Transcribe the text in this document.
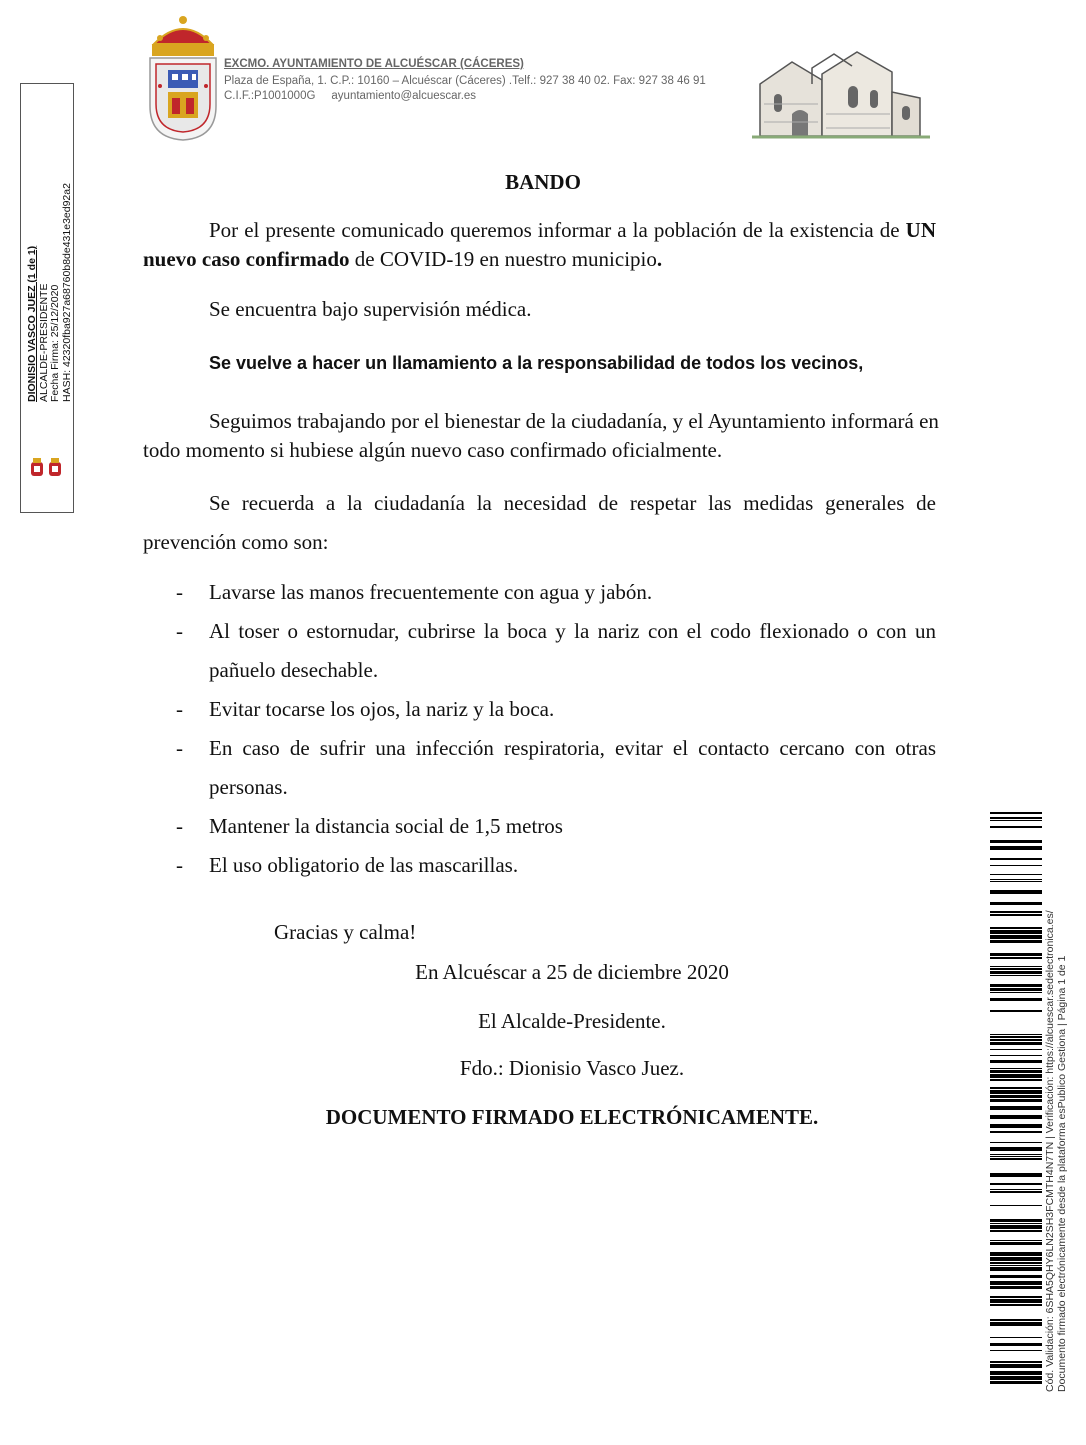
EXCMO. AYUNTAMIENTO DE ALCUÉSCAR (CÁCERES)
Plaza de España, 1. C.P.: 10160 – Alcuéscar (Cáceres) .Telf.: 927 38 40 02. Fax: 927 38 46 91
C.I.F.:P1001000G ayuntamiento@alcuescar.es
BANDO
Por el presente comunicado queremos informar a la población de la existencia de UN nuevo caso confirmado de COVID-19 en nuestro municipio.
Se encuentra bajo supervisión médica.
Se vuelve a hacer un llamamiento a la responsabilidad de todos los vecinos,
Seguimos trabajando por el bienestar de la ciudadanía, y el Ayuntamiento informará en todo momento si hubiese algún nuevo caso confirmado oficialmente.
Se recuerda a la ciudadanía la necesidad de respetar las medidas generales de prevención como son:
- Lavarse las manos frecuentemente con agua y jabón.
- Al toser o estornudar, cubrirse la boca y la nariz con el codo flexionado o con un pañuelo desechable.
- Evitar tocarse los ojos, la nariz y la boca.
- En caso de sufrir una infección respiratoria, evitar el contacto cercano con otras personas.
- Mantener la distancia social de 1,5 metros
- El uso obligatorio de las mascarillas.
Gracias y calma!
En Alcuéscar a 25 de diciembre 2020
El Alcalde-Presidente.
Fdo.: Dionisio Vasco Juez.
DOCUMENTO FIRMADO ELECTRÓNICAMENTE.
DIONISIO VASCO JUEZ (1 de 1) ALCALDE-PRESIDENTE Fecha Firma: 25/12/2020 HASH: 42320fba927a68760b8de431e3ed92a2
Cód. Validación: 6SHA5QHY6LN2SH3FCMTH4N7TN | Verificación: https://alcuescar.sedelectronica.es/ Documento firmado electrónicamente desde la plataforma esPublico Gestiona | Página 1 de 1
